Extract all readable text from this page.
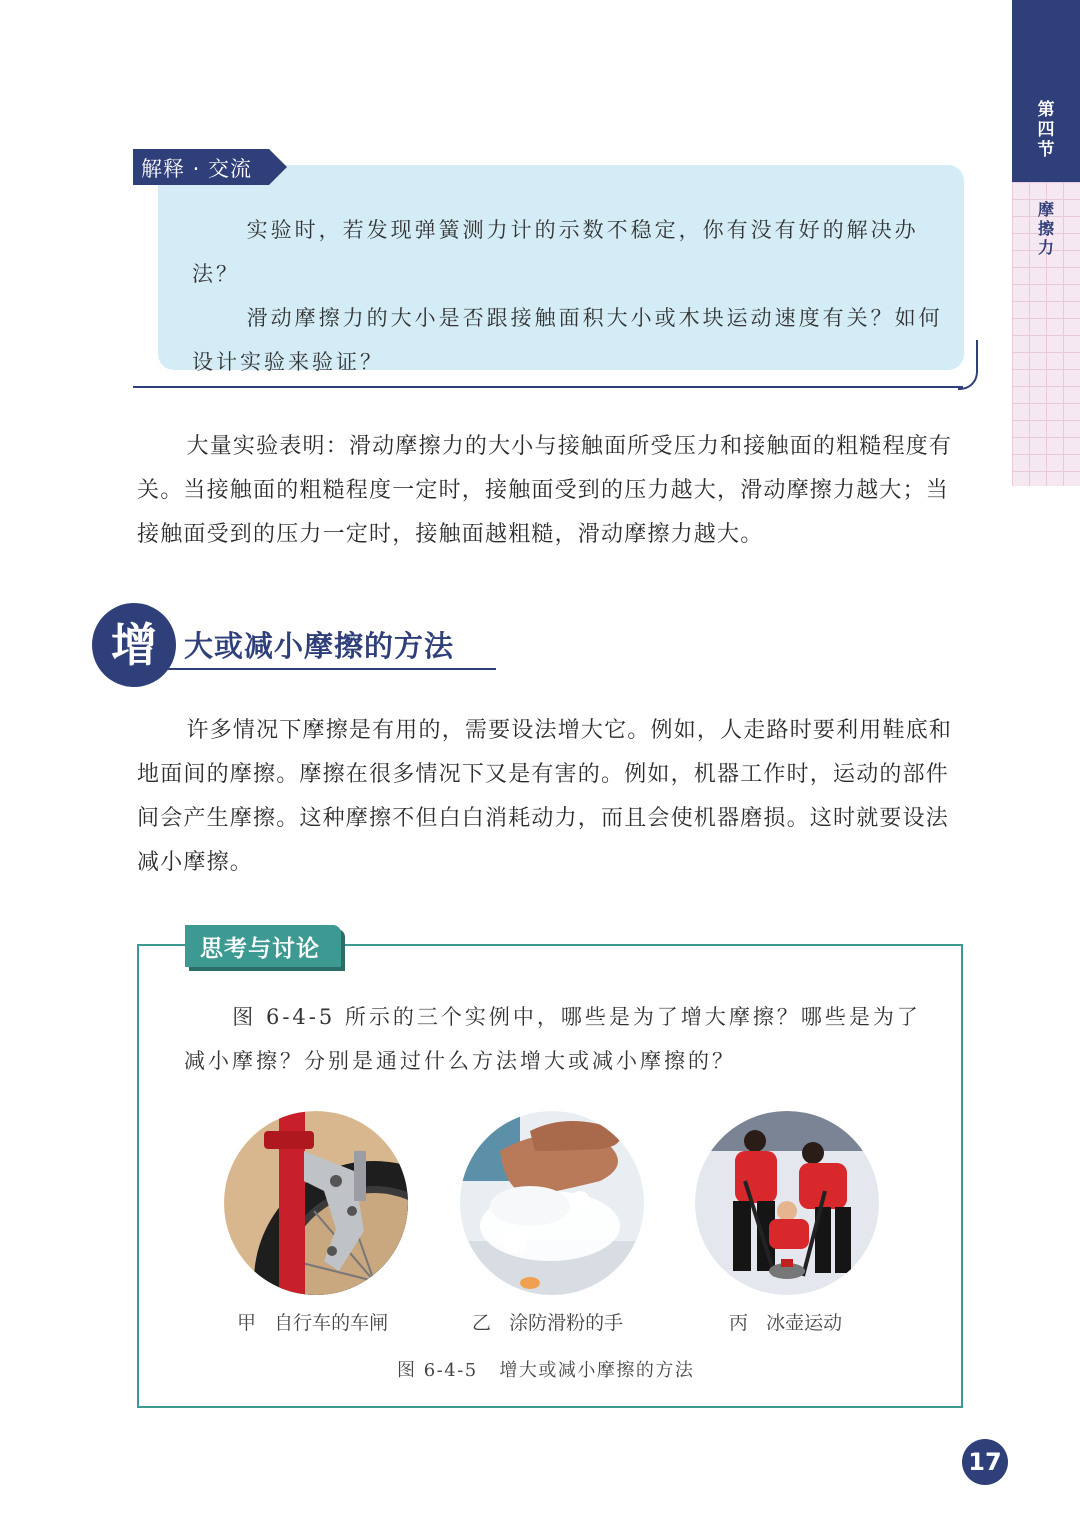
第四节
摩擦力
解释 · 交流

实验时，若发现弹簧测力计的示数不稳定，你有没有好的解决办法？

滑动摩擦力的大小是否跟接触面积大小或木块运动速度有关？如何设计实验来验证？

大量实验表明：滑动摩擦力的大小与接触面所受压力和接触面的粗糙程度有关。当接触面的粗糙程度一定时，接触面受到的压力越大，滑动摩擦力越大；当接触面受到的压力一定时，接触面越粗糙，滑动摩擦力越大。

增 大或减小摩擦的方法

许多情况下摩擦是有用的，需要设法增大它。例如，人走路时要利用鞋底和地面间的摩擦。摩擦在很多情况下又是有害的。例如，机器工作时，运动的部件间会产生摩擦。这种摩擦不但白白消耗动力，而且会使机器磨损。这时就要设法减小摩擦。

思考与讨论

图 6-4-5 所示的三个实例中，哪些是为了增大摩擦？哪些是为了减小摩擦？分别是通过什么方法增大或减小摩擦的？

甲   自行车的车闸	乙   涂防滑粉的手	丙   冰壶运动
图 6-4-5   增大或减小摩擦的方法
17
